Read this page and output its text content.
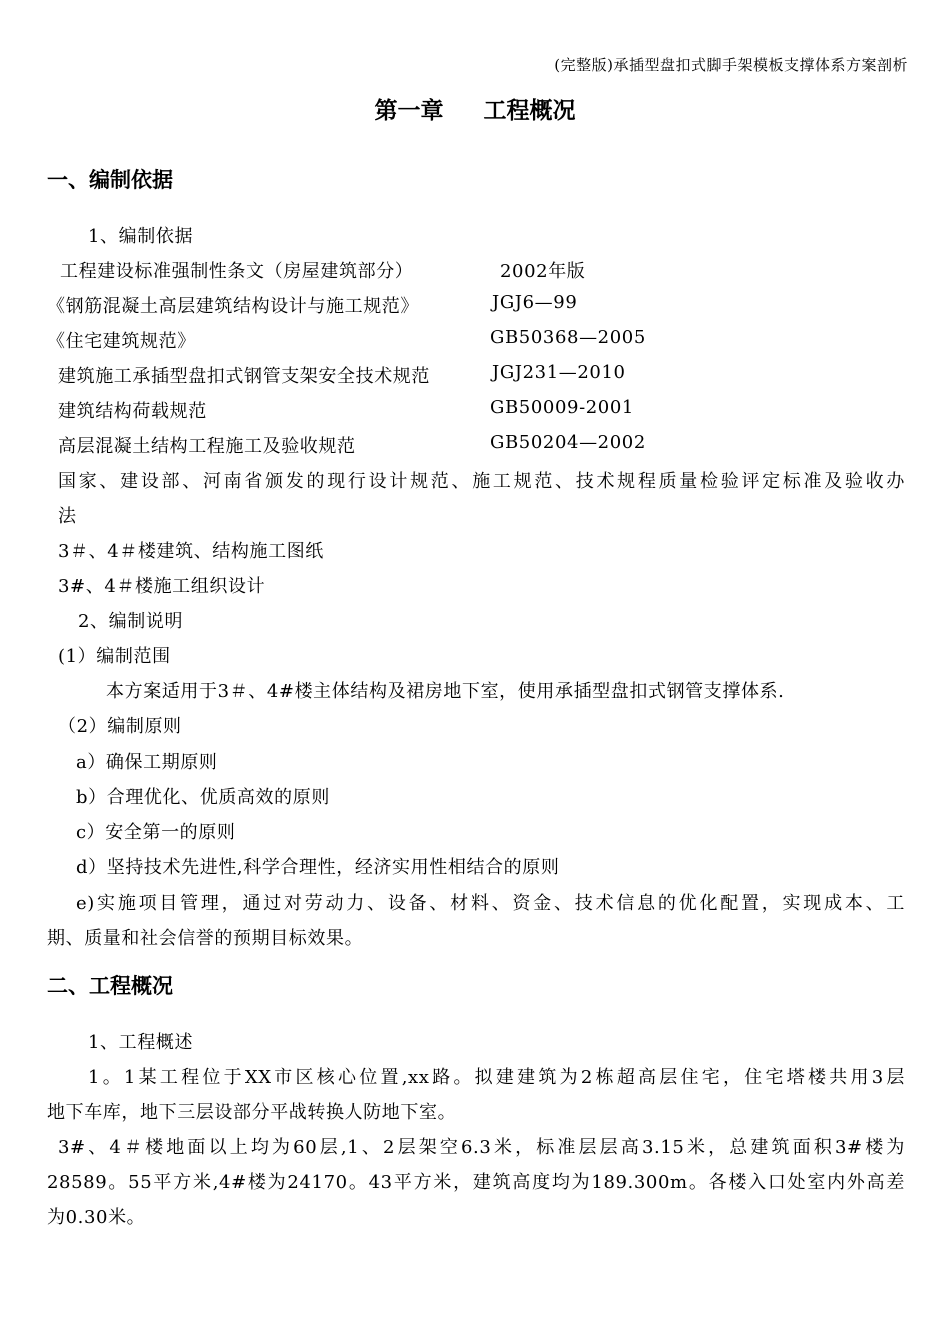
(完整版)承插型盘扣式脚手架模板支撑体系方案剖析
第一章 工程概况
一、编制依据
1、编制依据
工程建设标准强制性条文（房屋建筑部分）	2002年版
《钢筋混凝土高层建筑结构设计与施工规范》	JGJ6—99
《住宅建筑规范》	GB50368—2005
建筑施工承插型盘扣式钢管支架安全技术规范	JGJ231—2010
建筑结构荷载规范	GB50009-2001
高层混凝土结构工程施工及验收规范	GB50204—2002
国家、建设部、河南省颁发的现行设计规范、施工规范、技术规程质量检验评定标准及验收办
法
3＃、4＃楼建筑、结构施工图纸
3#、4＃楼施工组织设计
2、编制说明
(1）编制范围
本方案适用于3＃、4#楼主体结构及裙房地下室，使用承插型盘扣式钢管支撑体系.
（2）编制原则
a）确保工期原则
b）合理优化、优质高效的原则
c）安全第一的原则
d）坚持技术先进性,科学合理性，经济实用性相结合的原则
e)实施项目管理，通过对劳动力、设备、材料、资金、技术信息的优化配置，实现成本、工
期、质量和社会信誉的预期目标效果。
二、工程概况
1、工程概述
1。1某工程位于XX市区核心位置,xx路。拟建建筑为2栋超高层住宅，住宅塔楼共用3层
地下车库，地下三层设部分平战转换人防地下室。
3#、4＃楼地面以上均为60层,1、2层架空6.3米，标准层层高3.15米，总建筑面积3#楼为
28589。55平方米,4#楼为24170。43平方米，建筑高度均为189.300m。各楼入口处室内外高差
为0.30米。
